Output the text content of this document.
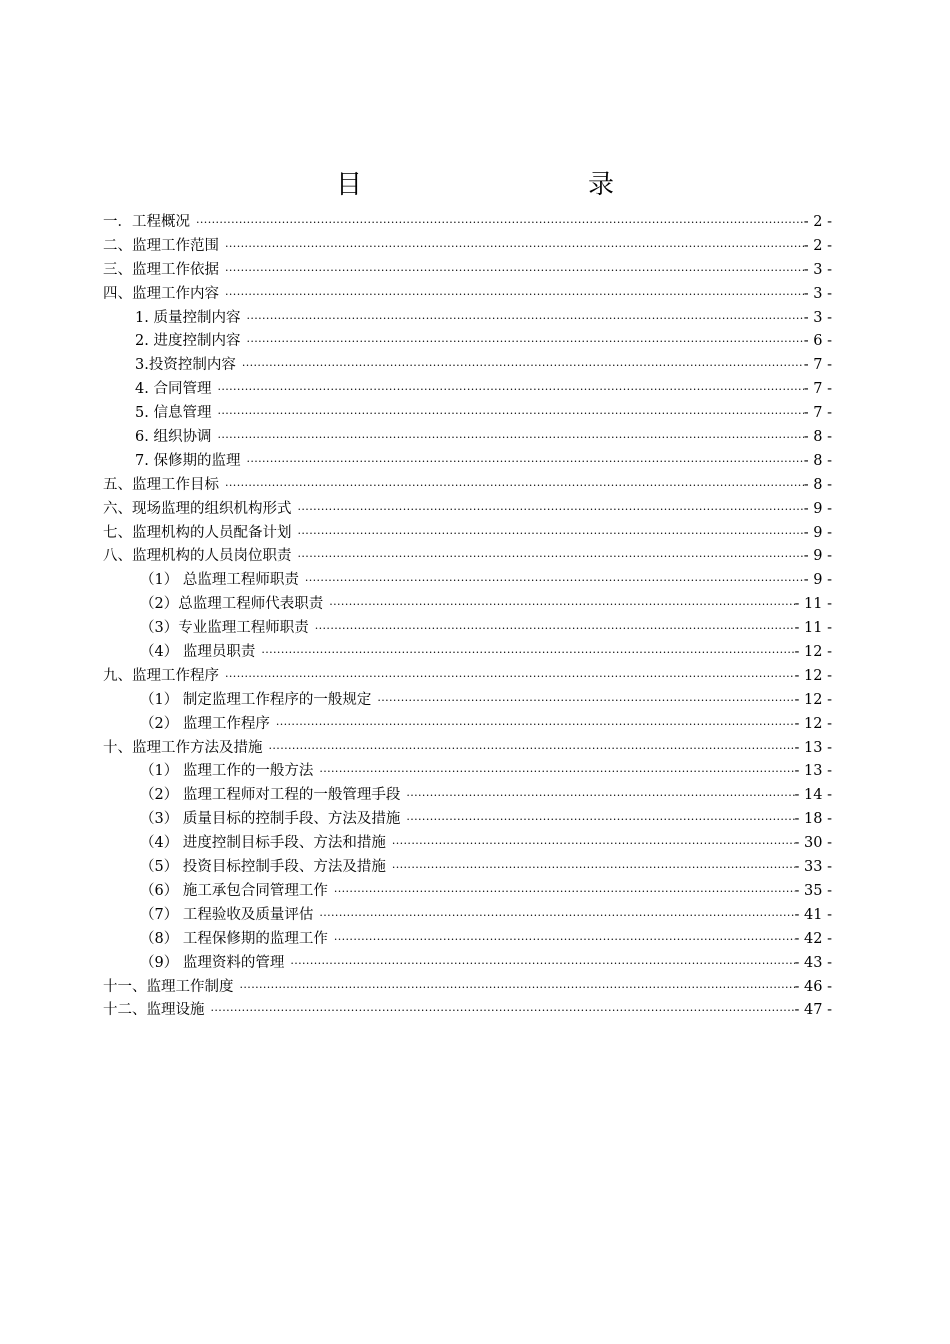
目　录
一．工程概况 .....	- 2 -
二、监理工作范围 .....	- 2 -
三、监理工作依据 .....	- 3 -
四、监理工作内容 .....	- 3 -
1. 质量控制内容 .....	- 3 -
2. 进度控制内容 .....	- 6 -
3.投资控制内容 .....	- 7 -
4. 合同管理 .....	- 7 -
5. 信息管理 .....	- 7 -
6. 组织协调 .....	- 8 -
7. 保修期的监理 .....	- 8 -
五、监理工作目标 .....	- 8 -
六、现场监理的组织机构形式 .....	- 9 -
七、监理机构的人员配备计划 .....	- 9 -
八、监理机构的人员岗位职责 .....	- 9 -
（1） 总监理工程师职责 .....	- 9 -
（2）总监理工程师代表职责 .....	- 11 -
（3）专业监理工程师职责 .....	- 11 -
（4） 监理员职责 .....	- 12 -
九、监理工作程序 .....	- 12 -
（1） 制定监理工作程序的一般规定 .....	- 12 -
（2） 监理工作程序 .....	- 12 -
十、监理工作方法及措施 .....	- 13 -
（1） 监理工作的一般方法 .....	- 13 -
（2） 监理工程师对工程的一般管理手段 .....	- 14 -
（3） 质量目标的控制手段、方法及措施 .....	- 18 -
（4） 进度控制目标手段、方法和措施 .....	- 30 -
（5） 投资目标控制手段、方法及措施 .....	- 33 -
（6） 施工承包合同管理工作 .....	- 35 -
（7） 工程验收及质量评估 .....	- 41 -
（8） 工程保修期的监理工作 .....	- 42 -
（9） 监理资料的管理 .....	- 43 -
十一、监理工作制度 .....	- 46 -
十二、监理设施 .....	- 47 -
